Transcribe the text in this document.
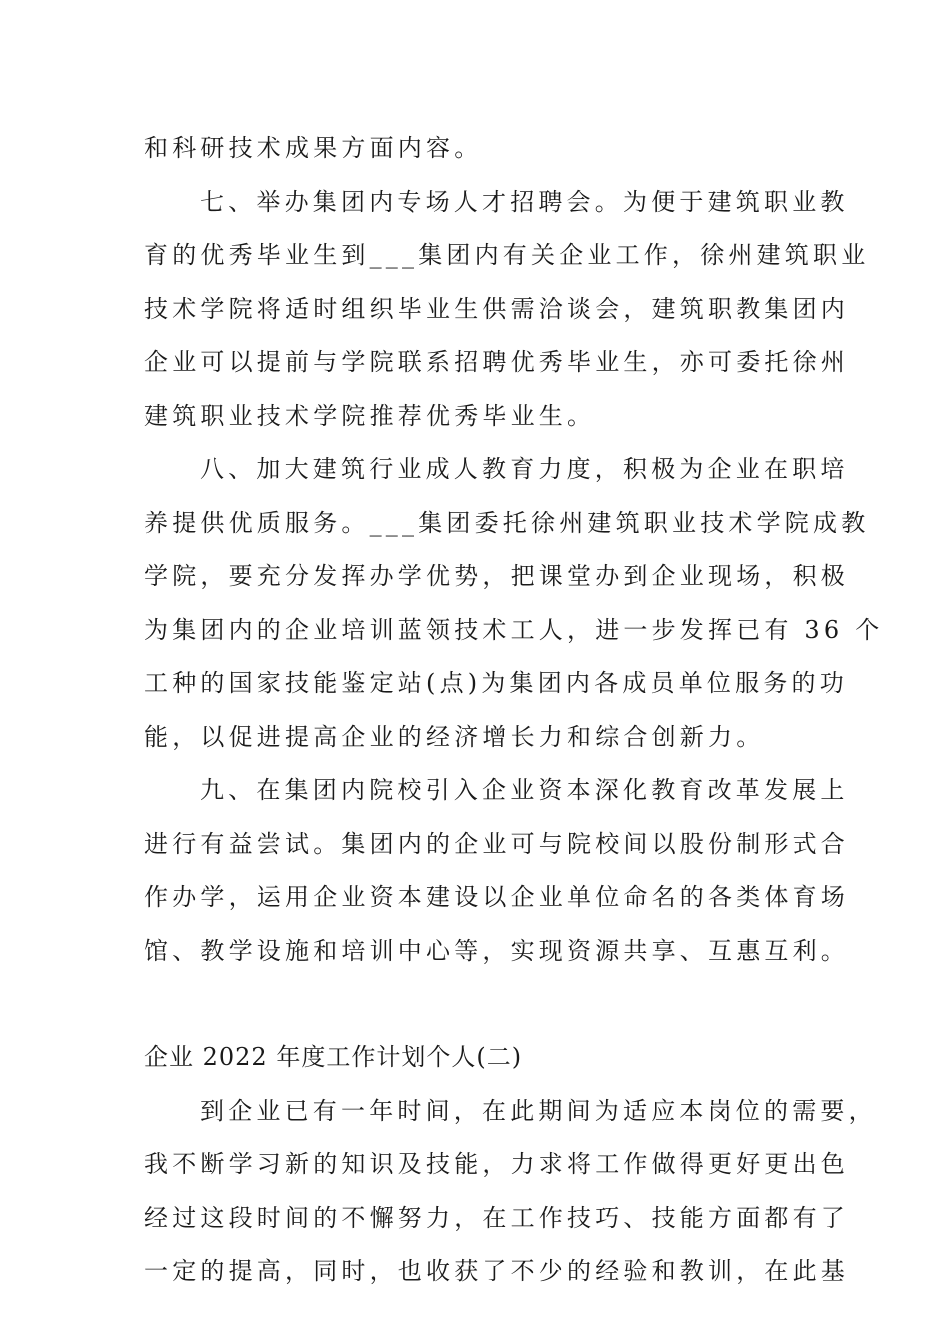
和科研技术成果方面内容。
七、举办集团内专场人才招聘会。为便于建筑职业教
育的优秀毕业生到___集团内有关企业工作，徐州建筑职业
技术学院将适时组织毕业生供需洽谈会，建筑职教集团内
企业可以提前与学院联系招聘优秀毕业生，亦可委托徐州
建筑职业技术学院推荐优秀毕业生。
八、加大建筑行业成人教育力度，积极为企业在职培
养提供优质服务。___集团委托徐州建筑职业技术学院成教
学院，要充分发挥办学优势，把课堂办到企业现场，积极
为集团内的企业培训蓝领技术工人，进一步发挥已有 36 个
工种的国家技能鉴定站(点)为集团内各成员单位服务的功
能，以促进提高企业的经济增长力和综合创新力。
九、在集团内院校引入企业资本深化教育改革发展上
进行有益尝试。集团内的企业可与院校间以股份制形式合
作办学，运用企业资本建设以企业单位命名的各类体育场
馆、教学设施和培训中心等，实现资源共享、互惠互利。
企业 2022 年度工作计划个人(二)
到企业已有一年时间，在此期间为适应本岗位的需要，
我不断学习新的知识及技能，力求将工作做得更好更出色
经过这段时间的不懈努力，在工作技巧、技能方面都有了
一定的提高，同时，也收获了不少的经验和教训，在此基
